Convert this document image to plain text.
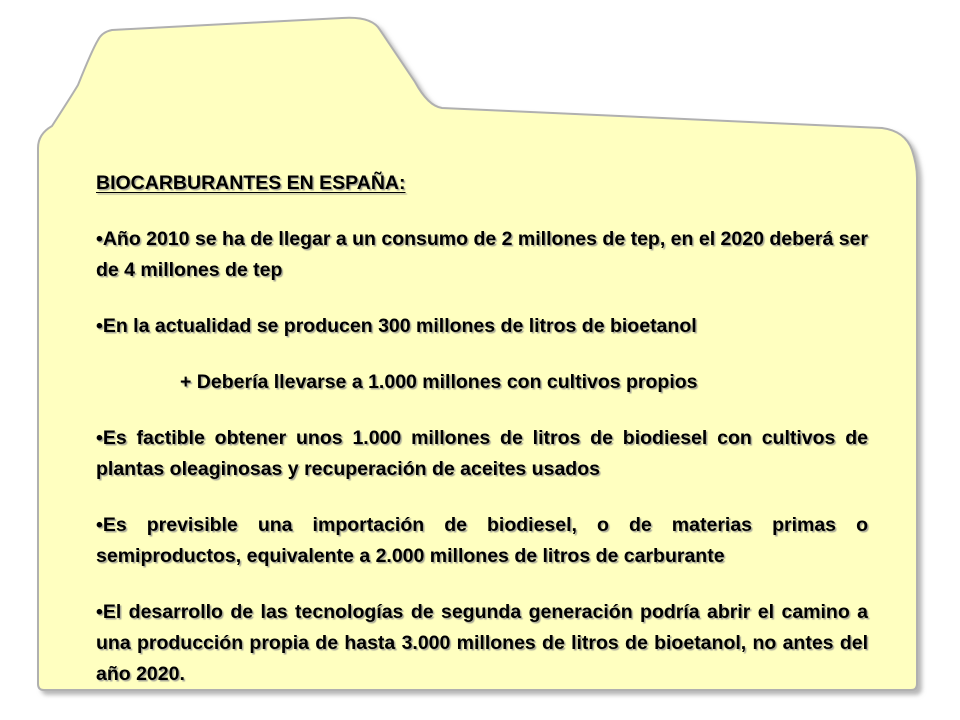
BIOCARBURANTES EN ESPAÑA:
•Año 2010 se ha de llegar a un consumo de 2 millones de tep, en el 2020 deberá ser de 4 millones de tep
•En la actualidad se producen 300 millones de litros de bioetanol
+ Debería llevarse a 1.000 millones con cultivos propios
•Es factible obtener unos 1.000 millones de litros de biodiesel con cultivos de plantas oleaginosas y recuperación de aceites usados
•Es previsible una importación de biodiesel, o de materias primas o semiproductos, equivalente a 2.000 millones de litros de carburante
•El desarrollo de las tecnologías de segunda generación podría abrir el camino a una producción propia de hasta 3.000 millones de litros de bioetanol, no antes del año 2020.
